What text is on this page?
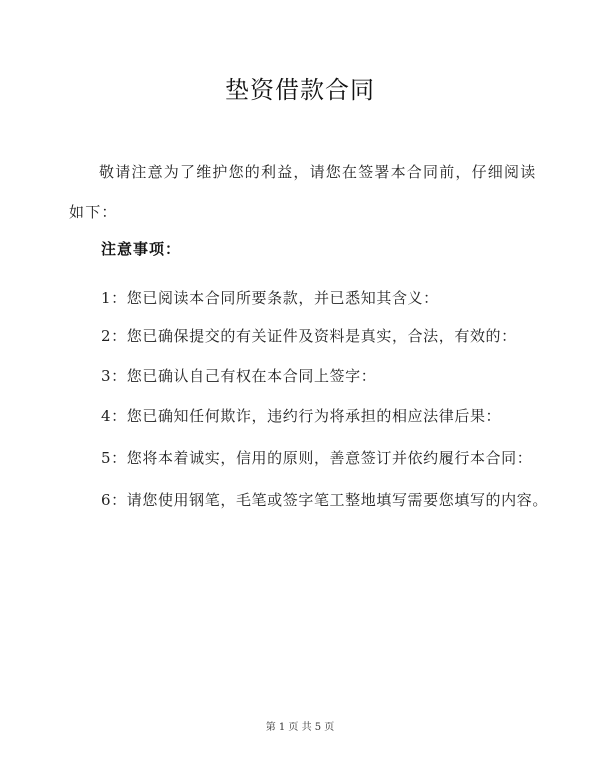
垫资借款合同
敬请注意为了维护您的利益，请您在签署本合同前，仔细阅读如下：
注意事项：
1：您已阅读本合同所要条款，并已悉知其含义：
2：您已确保提交的有关证件及资料是真实，合法，有效的：
3：您已确认自己有权在本合同上签字：
4：您已确知任何欺诈，违约行为将承担的相应法律后果：
5：您将本着诚实，信用的原则，善意签订并依约履行本合同：
6：请您使用钢笔，毛笔或签字笔工整地填写需要您填写的内容。
第 1 页 共 5 页
